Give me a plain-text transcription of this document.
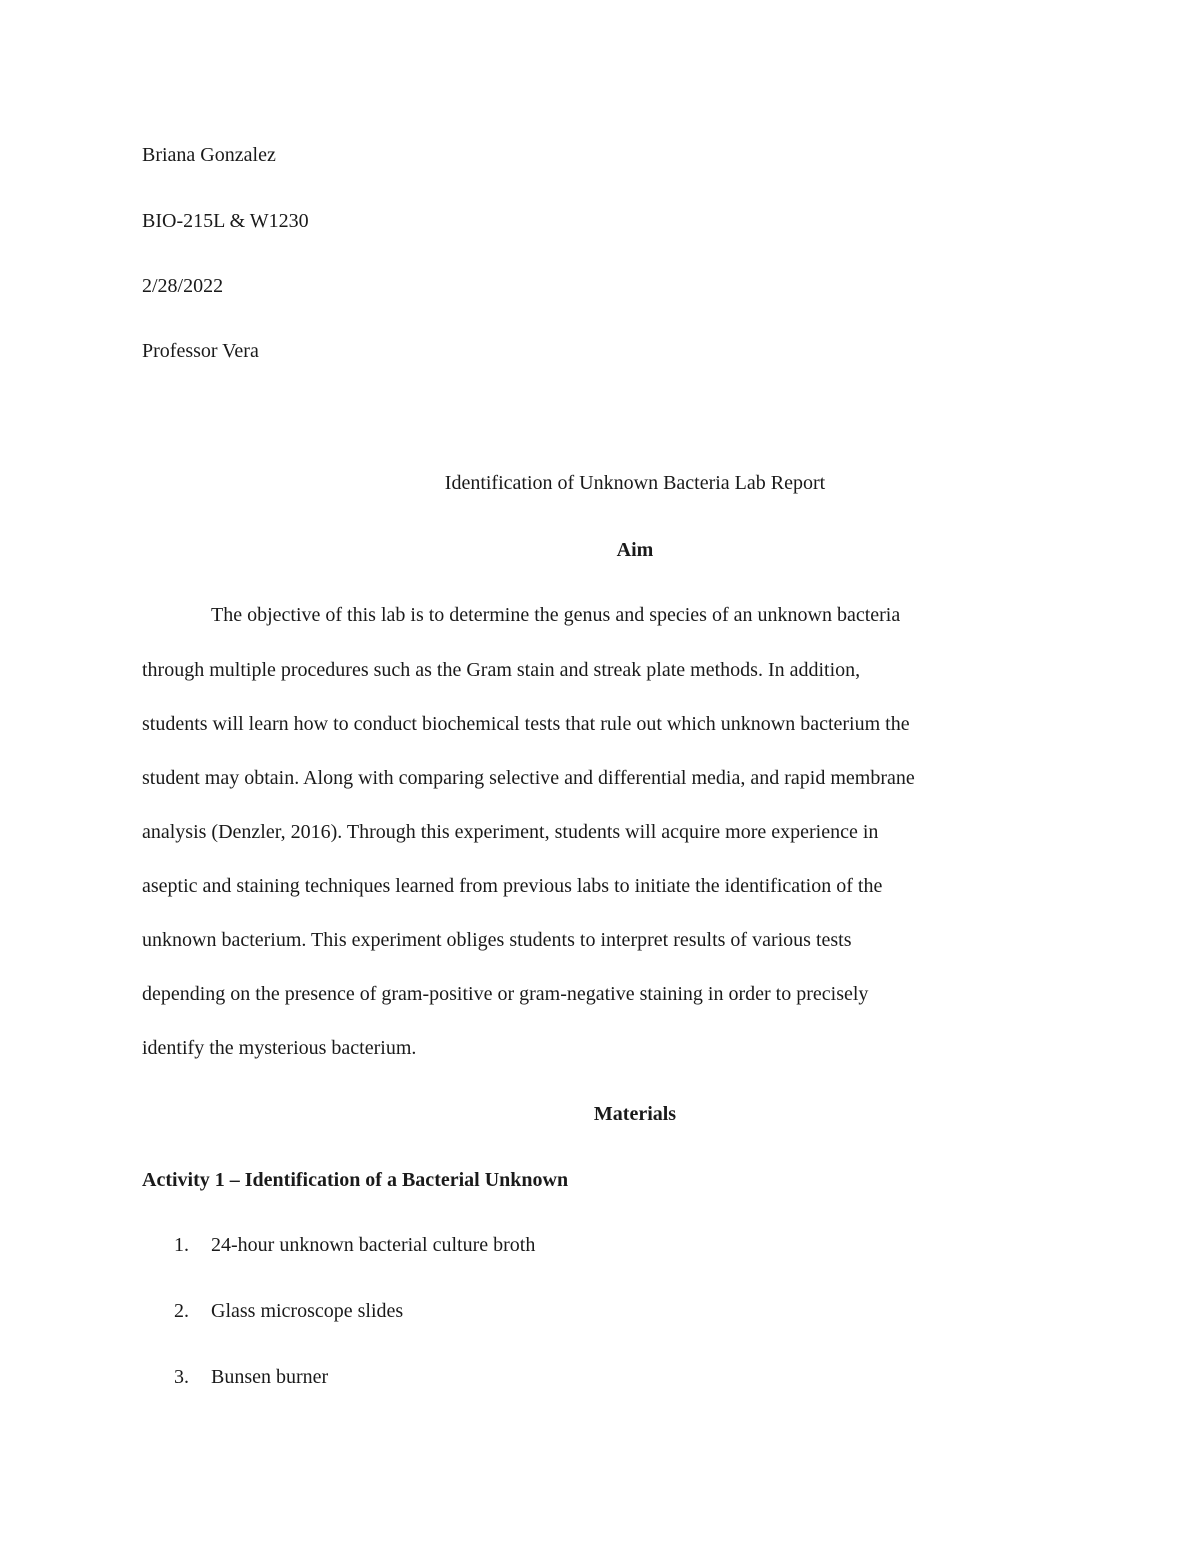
Briana Gonzalez

BIO-215L & W1230

2/28/2022

Professor Vera

Identification of Unknown Bacteria Lab Report

Aim

The objective of this lab is to determine the genus and species of an unknown bacteria

through multiple procedures such as the Gram stain and streak plate methods. In addition,

students will learn how to conduct biochemical tests that rule out which unknown bacterium the

student may obtain. Along with comparing selective and differential media, and rapid membrane

analysis (Denzler, 2016). Through this experiment, students will acquire more experience in

aseptic and staining techniques learned from previous labs to initiate the identification of the

unknown bacterium. This experiment obliges students to interpret results of various tests

depending on the presence of gram-positive or gram-negative staining in order to precisely

identify the mysterious bacterium.

Materials

Activity 1 – Identification of a Bacterial Unknown

1. 24-hour unknown bacterial culture broth

2. Glass microscope slides

3. Bunsen burner
